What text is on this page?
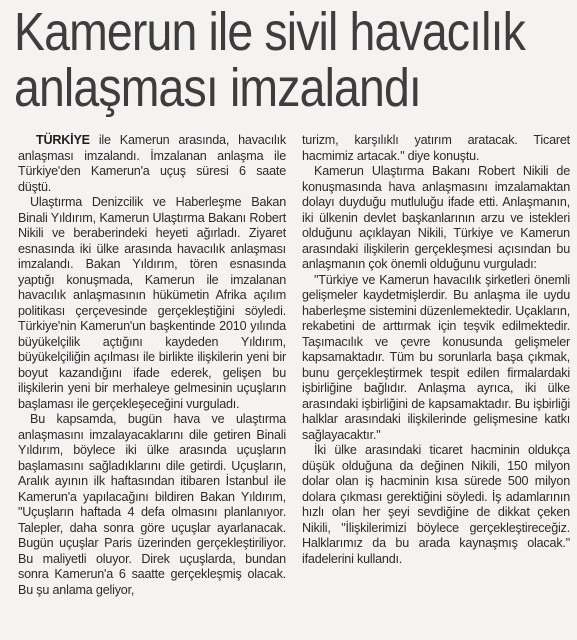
Kamerun ile sivil havacılık
anlaşması imzalandı

TÜRKİYE ile Kamerun arasında, havacılık anlaşması imzalandı. İmzalanan anlaşma ile Türkiye'den Kamerun'a uçuş süresi 6 saate düştü.

Ulaştırma Denizcilik ve Haberleşme Bakan Binali Yıldırım, Kamerun Ulaştırma Bakanı Robert Nikili ve beraberindeki heyeti ağırladı. Ziyaret esnasında iki ülke arasında havacılık anlaşması imzalandı. Bakan Yıldırım, tören esnasında yaptığı konuşmada, Kamerun ile imzalanan havacılık anlaşmasının hükümetin Afrika açılım politikası çerçevesinde gerçekleştiğini söyledi. Türkiye'nin Kamerun'un başkentinde 2010 yılında büyükelçilik açtığını kaydeden Yıldırım, büyükelçiliğin açılması ile birlikte ilişkilerin yeni bir boyut kazandığını ifade ederek, gelişen bu ilişkilerin yeni bir merhaleye gelmesinin uçuşların başlaması ile gerçekleşeceğini vurguladı.

Bu kapsamda, bugün hava ve ulaştırma anlaşmasını imzalayacaklarını dile getiren Binali Yıldırım, böylece iki ülke arasında uçuşların başlamasını sağladıklarını dile getirdi. Uçuşların, Aralık ayının ilk haftasından itibaren İstanbul ile Kamerun'a yapılacağını bildiren Bakan Yıldırım, "Uçuşların haftada 4 defa olmasını planlanıyor. Talepler, daha sonra göre uçuşlar ayarlanacak. Bugün uçuşlar Paris üzerinden gerçekleştiriliyor. Bu maliyetli oluyor. Direk uçuşlarda, bundan sonra Kamerun'a 6 saatte gerçekleşmiş olacak. Bu şu anlama geliyor,

turizm, karşılıklı yatırım aratacak. Ticaret hacmimiz artacak." diye konuştu.

Kamerun Ulaştırma Bakanı Robert Nikili de konuşmasında hava anlaşmasını imzalamaktan dolayı duyduğu mutluluğu ifade etti. Anlaşmanın, iki ülkenin devlet başkanlarının arzu ve istekleri olduğunu açıklayan Nikili, Türkiye ve Kamerun arasındaki ilişkilerin gerçekleşmesi açısından bu anlaşmanın çok önemli olduğunu vurguladı:

"Türkiye ve Kamerun havacılık şirketleri önemli gelişmeler kaydetmişlerdir. Bu anlaşma ile uydu haberleşme sistemini düzenlemektedir. Uçakların, rekabetini de arttırmak için teşvik edilmektedir. Taşımacılık ve çevre konusunda gelişmeler kapsamaktadır. Tüm bu sorunlarla başa çıkmak, bunu gerçekleştirmek tespit edilen firmalardaki işbirliğine bağlıdır. Anlaşma ayrıca, iki ülke arasındaki işbirliğini de kapsamaktadır. Bu işbirliği halklar arasındaki ilişkilerinde gelişmesine katkı sağlayacaktır."

İki ülke arasındaki ticaret hacminin oldukça düşük olduğuna da değinen Nikili, 150 milyon dolar olan iş hacminin kısa sürede 500 milyon dolara çıkması gerektiğini söyledi. İş adamlarının hızlı olan her şeyi sevdiğine de dikkat çeken Nikili, "İlişkilerimizi böylece gerçekleştireceğiz. Halklarımız da bu arada kaynaşmış olacak." ifadelerini kullandı.
